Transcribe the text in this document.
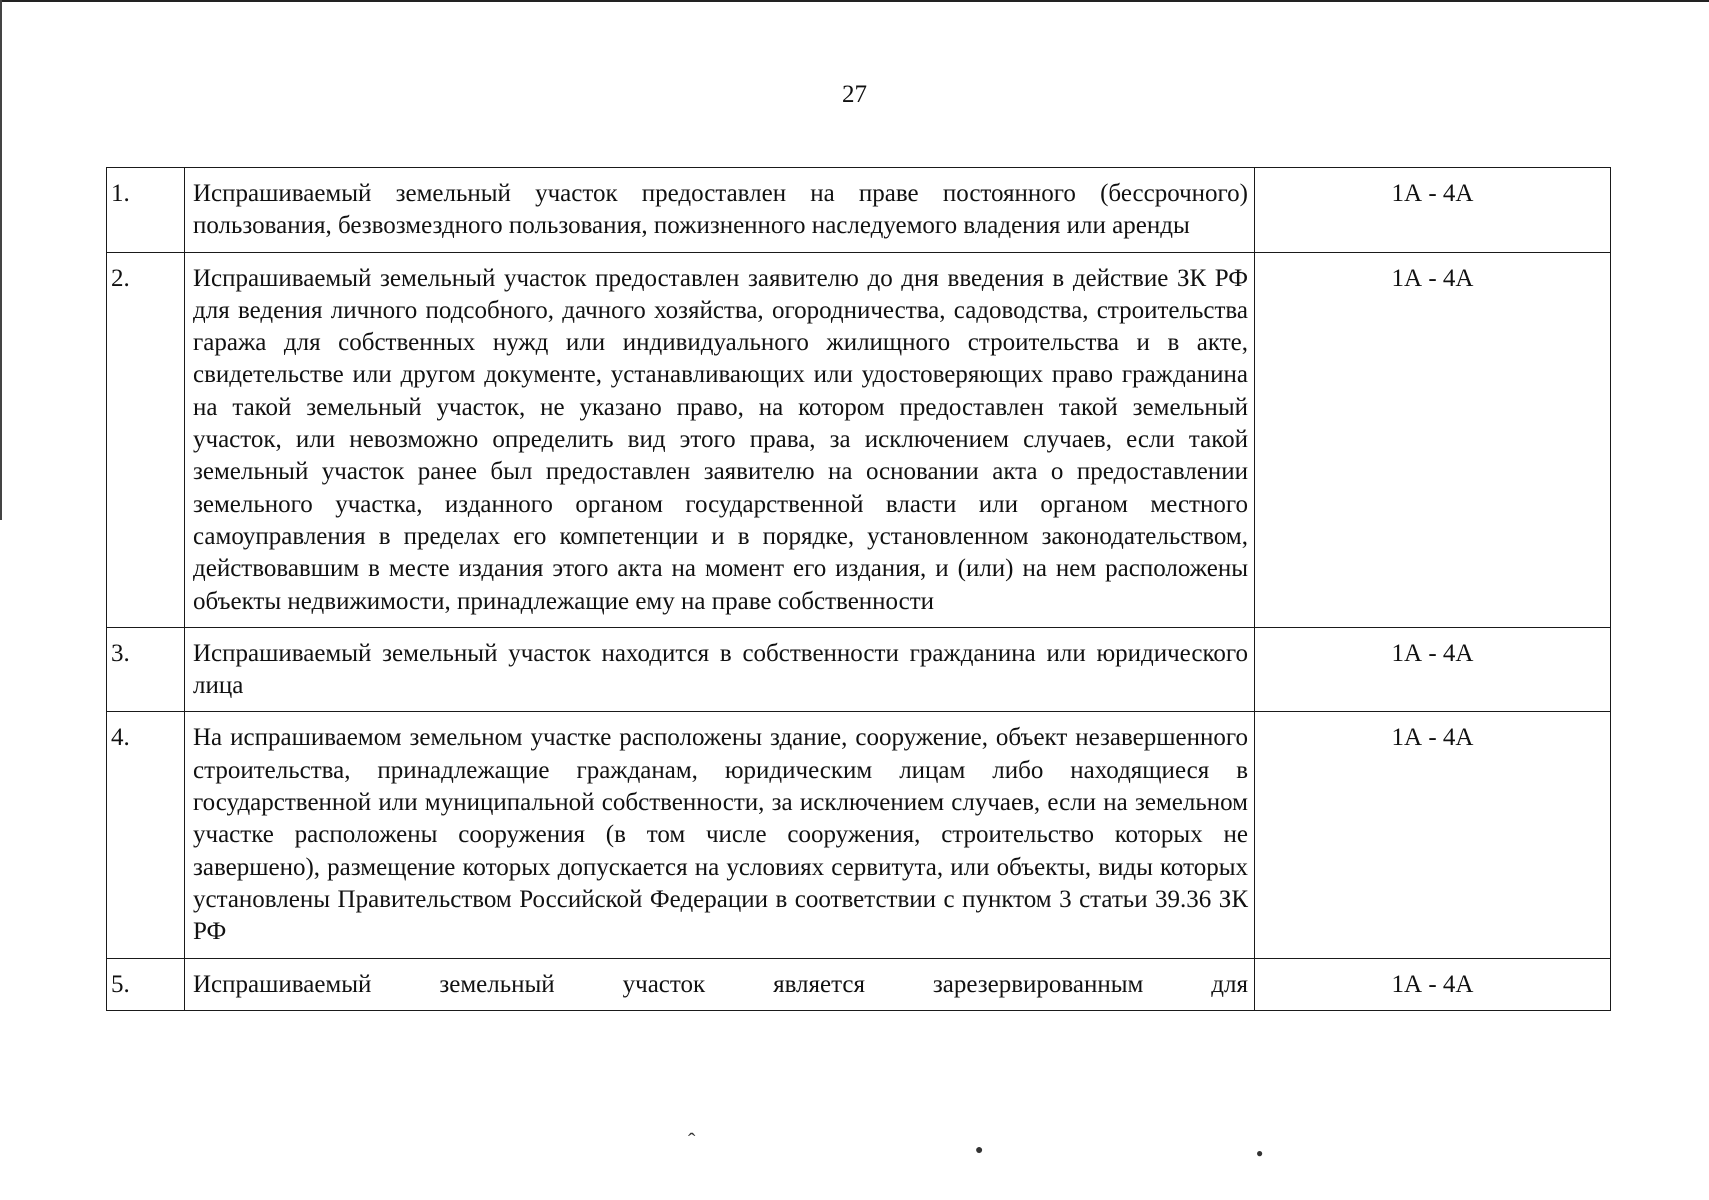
27
1.	Испрашиваемый земельный участок предоставлен на праве постоянного (бессрочного) пользования, безвозмездного пользования, пожизненного наследуемого владения или аренды	1А - 4А
2.	Испрашиваемый земельный участок предоставлен заявителю до дня введения в действие ЗК РФ для ведения личного подсобного, дачного хозяйства, огородничества, садоводства, строительства гаража для собственных нужд или индивидуального жилищного строительства и в акте, свидетельстве или другом документе, устанавливающих или удостоверяющих право гражданина на такой земельный участок, не указано право, на котором предоставлен такой земельный участок, или невозможно определить вид этого права, за исключением случаев, если такой земельный участок ранее был предоставлен заявителю на основании акта о предоставлении земельного участка, изданного органом государственной власти или органом местного самоуправления в пределах его компетенции и в порядке, установленном законодательством, действовавшим в месте издания этого акта на момент его издания, и (или) на нем расположены объекты недвижимости, принадлежащие ему на праве собственности	1А - 4А
3.	Испрашиваемый земельный участок находится в собственности гражданина или юридического лица	1А - 4А
4.	На испрашиваемом земельном участке расположены здание, сооружение, объект незавершенного строительства, принадлежащие гражданам, юридическим лицам либо находящиеся в государственной или муниципальной собственности, за исключением случаев, если на земельном участке расположены сооружения (в том числе сооружения, строительство которых не завершено), размещение которых допускается на условиях сервитута, или объекты, виды которых установлены Правительством Российской Федерации в соответствии с пунктом 3 статьи 39.36 ЗК РФ	1А - 4А
5.	Испрашиваемый земельный участок является зарезервированным для	1А - 4А
ˆ	●	●
